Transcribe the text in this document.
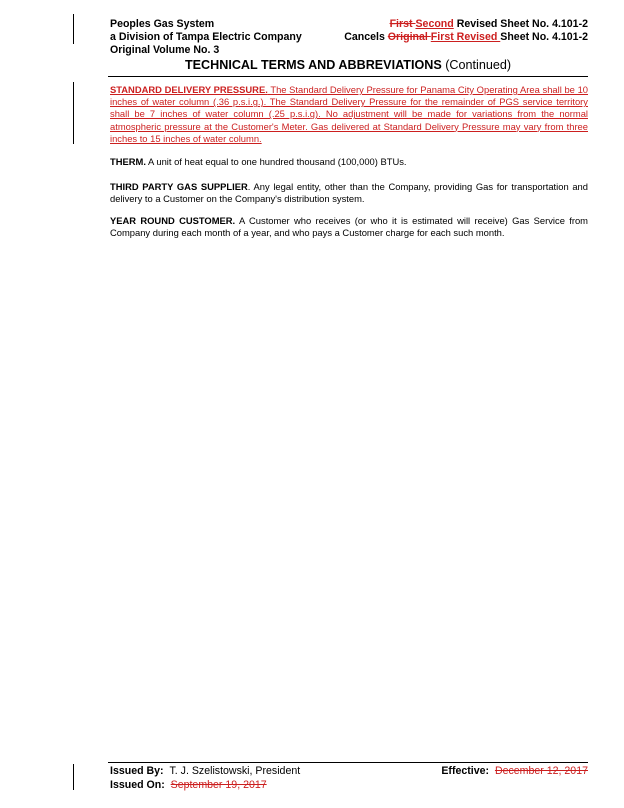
Peoples Gas System
a Division of Tampa Electric Company
Original Volume No. 3
First Second Revised Sheet No. 4.101-2
Cancels Original First Revised Sheet No. 4.101-2
TECHNICAL TERMS AND ABBREVIATIONS (Continued)
STANDARD DELIVERY PRESSURE. The Standard Delivery Pressure for Panama City Operating Area shall be 10 inches of water column (.36 p.s.i.g.). The Standard Delivery Pressure for the remainder of PGS service territory shall be 7 inches of water column (.25 p.s.i.g). No adjustment will be made for variations from the normal atmospheric pressure at the Customer's Meter. Gas delivered at Standard Delivery Pressure may vary from three inches to 15 inches of water column.
THERM. A unit of heat equal to one hundred thousand (100,000) BTUs.
THIRD PARTY GAS SUPPLIER. Any legal entity, other than the Company, providing Gas for transportation and delivery to a Customer on the Company's distribution system.
YEAR ROUND CUSTOMER. A Customer who receives (or who it is estimated will receive) Gas Service from Company during each month of a year, and who pays a Customer charge for each such month.
Issued By: T. J. Szelistowski, President
Issued On: September 19, 2017
Effective: December 12, 2017
